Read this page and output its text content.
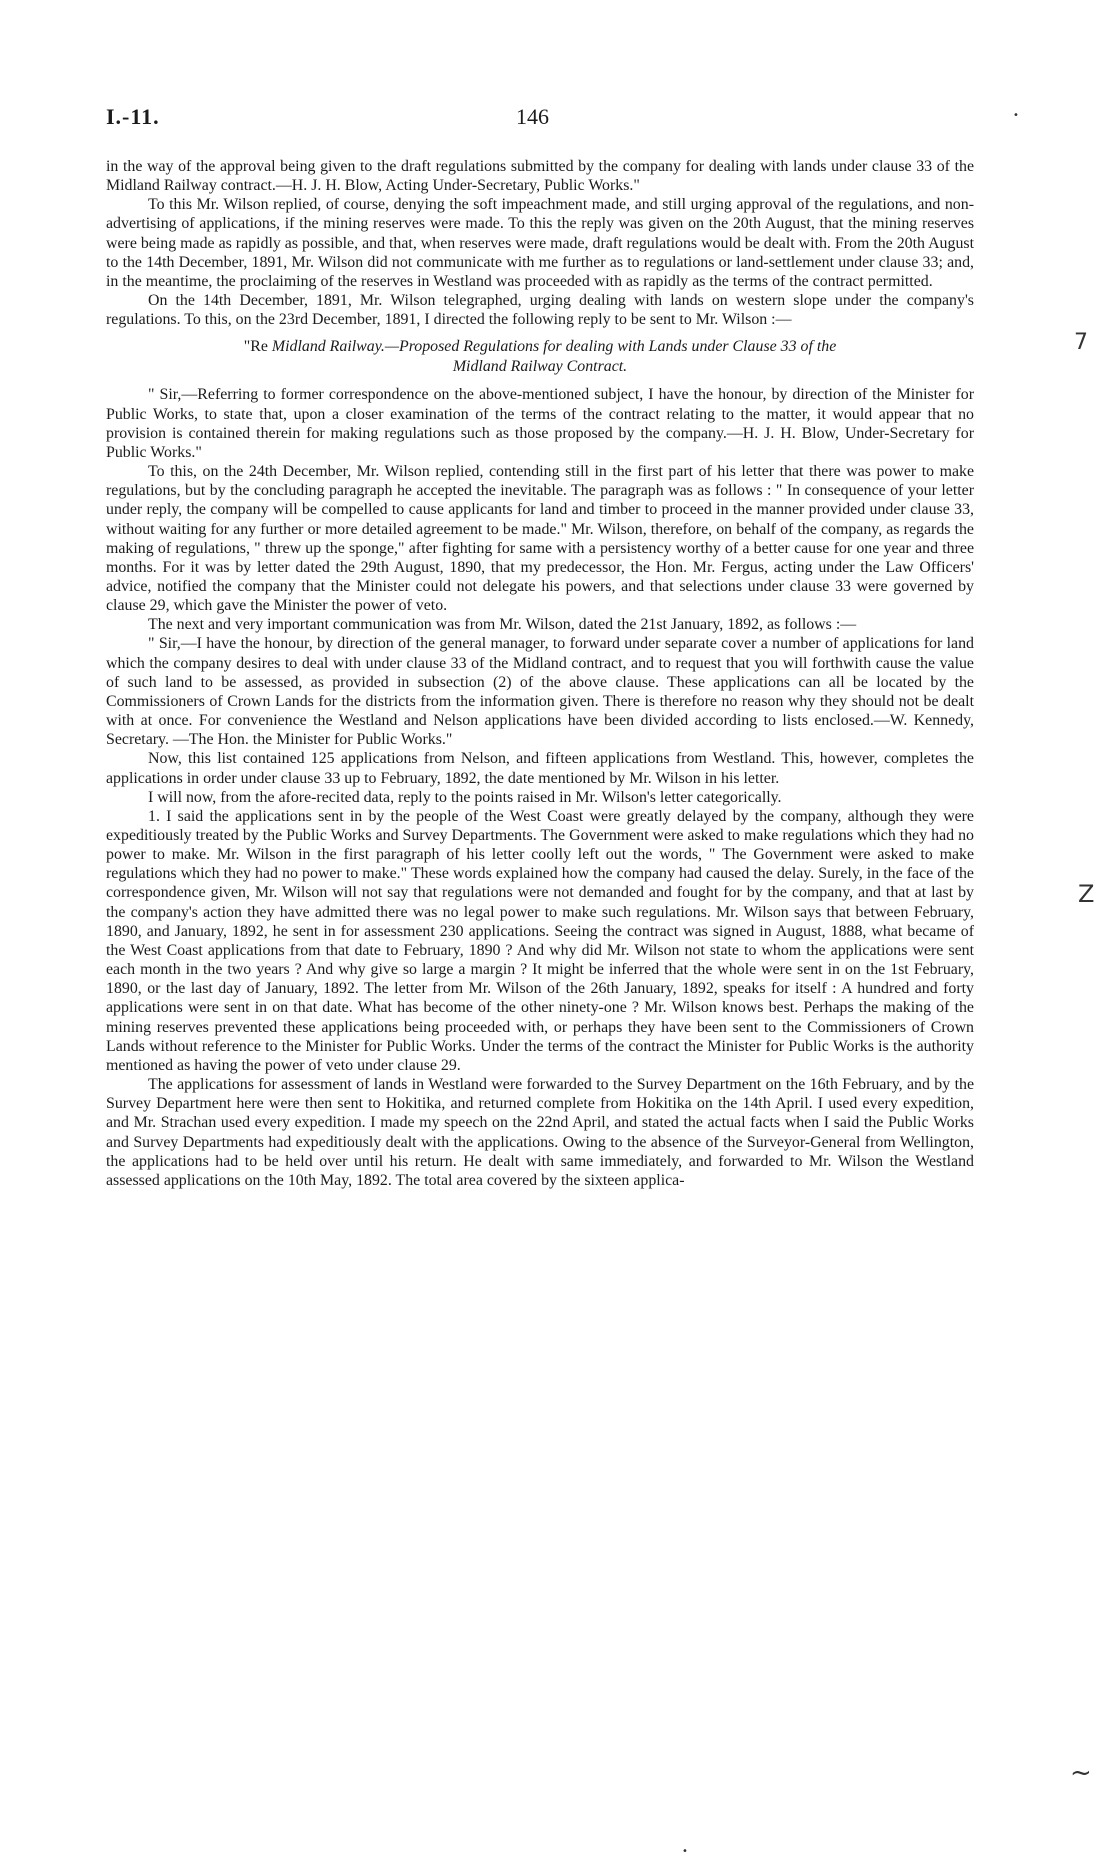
I.-11.	146

in the way of the approval being given to the draft regulations submitted by the company for dealing with lands under clause 33 of the Midland Railway contract.—H. J. H. Blow, Acting Under-Secretary, Public Works."

To this Mr. Wilson replied, of course, denying the soft impeachment made, and still urging approval of the regulations, and non-advertising of applications, if the mining reserves were made. To this the reply was given on the 20th August, that the mining reserves were being made as rapidly as possible, and that, when reserves were made, draft regulations would be dealt with. From the 20th August to the 14th December, 1891, Mr. Wilson did not communicate with me further as to regulations or land-settlement under clause 33; and, in the meantime, the proclaiming of the reserves in Westland was proceeded with as rapidly as the terms of the contract permitted.

On the 14th December, 1891, Mr. Wilson telegraphed, urging dealing with lands on western slope under the company's regulations. To this, on the 23rd December, 1891, I directed the following reply to be sent to Mr. Wilson :—

"Re Midland Railway.—Proposed Regulations for dealing with Lands under Clause 33 of the
Midland Railway Contract.

" Sir,—Referring to former correspondence on the above-mentioned subject, I have the honour, by direction of the Minister for Public Works, to state that, upon a closer examination of the terms of the contract relating to the matter, it would appear that no provision is contained therein for making regulations such as those proposed by the company.—H. J. H. Blow, Under-Secretary for Public Works."

To this, on the 24th December, Mr. Wilson replied, contending still in the first part of his letter that there was power to make regulations, but by the concluding paragraph he accepted the inevitable. The paragraph was as follows : " In consequence of your letter under reply, the company will be compelled to cause applicants for land and timber to proceed in the manner provided under clause 33, without waiting for any further or more detailed agreement to be made." Mr. Wilson, therefore, on behalf of the company, as regards the making of regulations, " threw up the sponge," after fighting for same with a persistency worthy of a better cause for one year and three months. For it was by letter dated the 29th August, 1890, that my predecessor, the Hon. Mr. Fergus, acting under the Law Officers' advice, notified the company that the Minister could not delegate his powers, and that selections under clause 33 were governed by clause 29, which gave the Minister the power of veto.

The next and very important communication was from Mr. Wilson, dated the 21st January, 1892, as follows :—

" Sir,—I have the honour, by direction of the general manager, to forward under separate cover a number of applications for land which the company desires to deal with under clause 33 of the Midland contract, and to request that you will forthwith cause the value of such land to be assessed, as provided in subsection (2) of the above clause. These applications can all be located by the Commissioners of Crown Lands for the districts from the information given. There is therefore no reason why they should not be dealt with at once. For convenience the Westland and Nelson applications have been divided according to lists enclosed.—W. Kennedy, Secretary. —The Hon. the Minister for Public Works."

Now, this list contained 125 applications from Nelson, and fifteen applications from Westland. This, however, completes the applications in order under clause 33 up to February, 1892, the date mentioned by Mr. Wilson in his letter.

I will now, from the afore-recited data, reply to the points raised in Mr. Wilson's letter categorically.

1. I said the applications sent in by the people of the West Coast were greatly delayed by the company, although they were expeditiously treated by the Public Works and Survey Departments. The Government were asked to make regulations which they had no power to make. Mr. Wilson in the first paragraph of his letter coolly left out the words, " The Government were asked to make regulations which they had no power to make." These words explained how the company had caused the delay. Surely, in the face of the correspondence given, Mr. Wilson will not say that regulations were not demanded and fought for by the company, and that at last by the company's action they have admitted there was no legal power to make such regulations. Mr. Wilson says that between February, 1890, and January, 1892, he sent in for assessment 230 applications. Seeing the contract was signed in August, 1888, what became of the West Coast applications from that date to February, 1890 ? And why did Mr. Wilson not state to whom the applications were sent each month in the two years ? And why give so large a margin ? It might be inferred that the whole were sent in on the 1st February, 1890, or the last day of January, 1892. The letter from Mr. Wilson of the 26th January, 1892, speaks for itself : A hundred and forty applications were sent in on that date. What has become of the other ninety-one ? Mr. Wilson knows best. Perhaps the making of the mining reserves prevented these applications being proceeded with, or perhaps they have been sent to the Commissioners of Crown Lands without reference to the Minister for Public Works. Under the terms of the contract the Minister for Public Works is the authority mentioned as having the power of veto under clause 29.

The applications for assessment of lands in Westland were forwarded to the Survey Department on the 16th February, and by the Survey Department here were then sent to Hokitika, and returned complete from Hokitika on the 14th April. I used every expedition, and Mr. Strachan used every expedition. I made my speech on the 22nd April, and stated the actual facts when I said the Public Works and Survey Departments had expeditiously dealt with the applications. Owing to the absence of the Surveyor-General from Wellington, the applications had to be held over until his return. He dealt with same immediately, and forwarded to Mr. Wilson the Westland assessed applications on the 10th May, 1892. The total area covered by the sixteen applica-

•
7
Z
~
•
